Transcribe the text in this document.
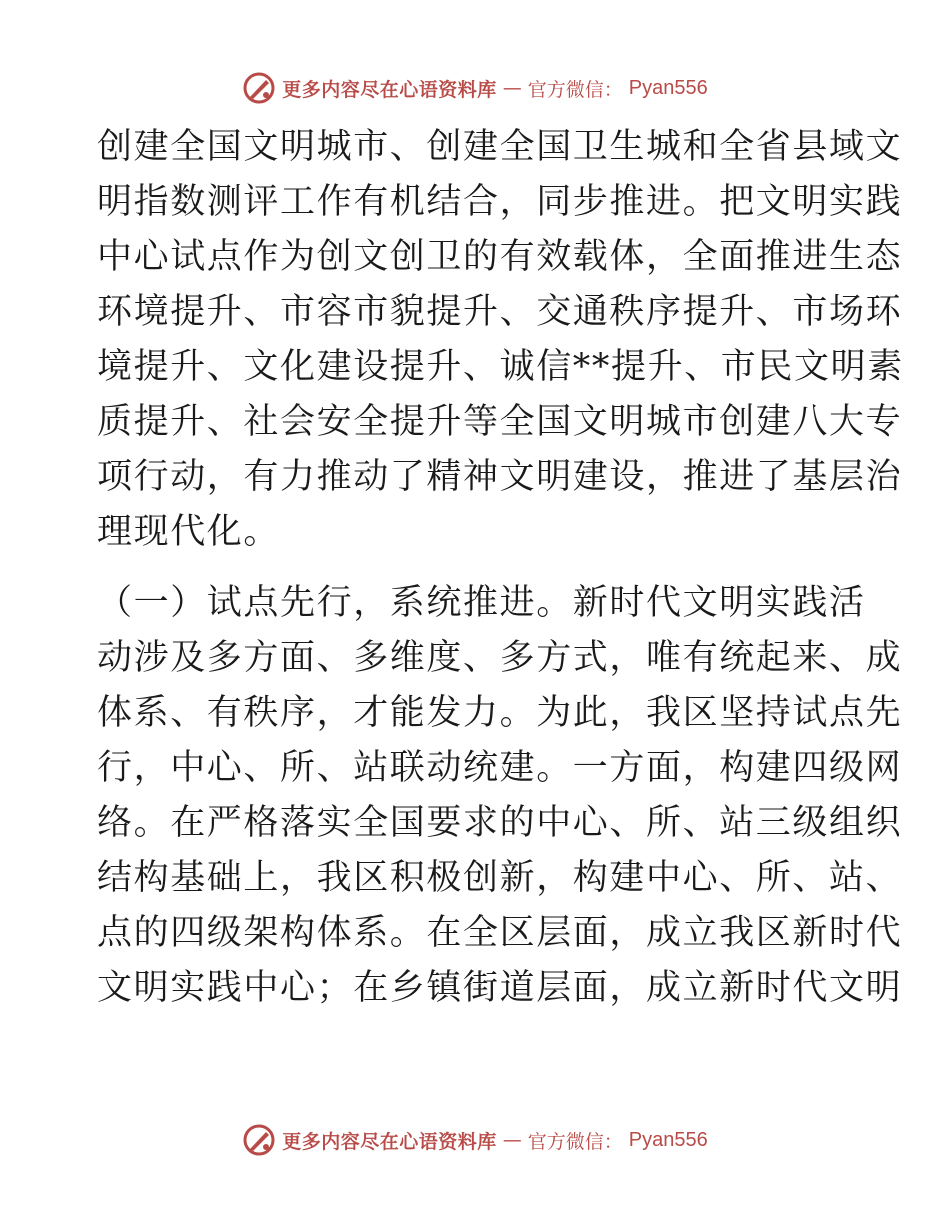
更多内容尽在心语资料库 — 官方微信： Pyan556

创建全国文明城市、创建全国卫生城和全省县域文

明指数测评工作有机结合，同步推进。把文明实践

中心试点作为创文创卫的有效载体，全面推进生态

环境提升、市容市貌提升、交通秩序提升、市场环

境提升、文化建设提升、诚信**提升、市民文明素

质提升、社会安全提升等全国文明城市创建八大专

项行动，有力推动了精神文明建设，推进了基层治

理现代化。

（一）试点先行，系统推进。新时代文明实践活

动涉及多方面、多维度、多方式，唯有统起来、成

体系、有秩序，才能发力。为此，我区坚持试点先

行，中心、所、站联动统建。一方面，构建四级网

络。在严格落实全国要求的中心、所、站三级组织

结构基础上，我区积极创新，构建中心、所、站、

点的四级架构体系。在全区层面，成立我区新时代

文明实践中心；在乡镇街道层面，成立新时代文明

更多内容尽在心语资料库 — 官方微信： Pyan556
